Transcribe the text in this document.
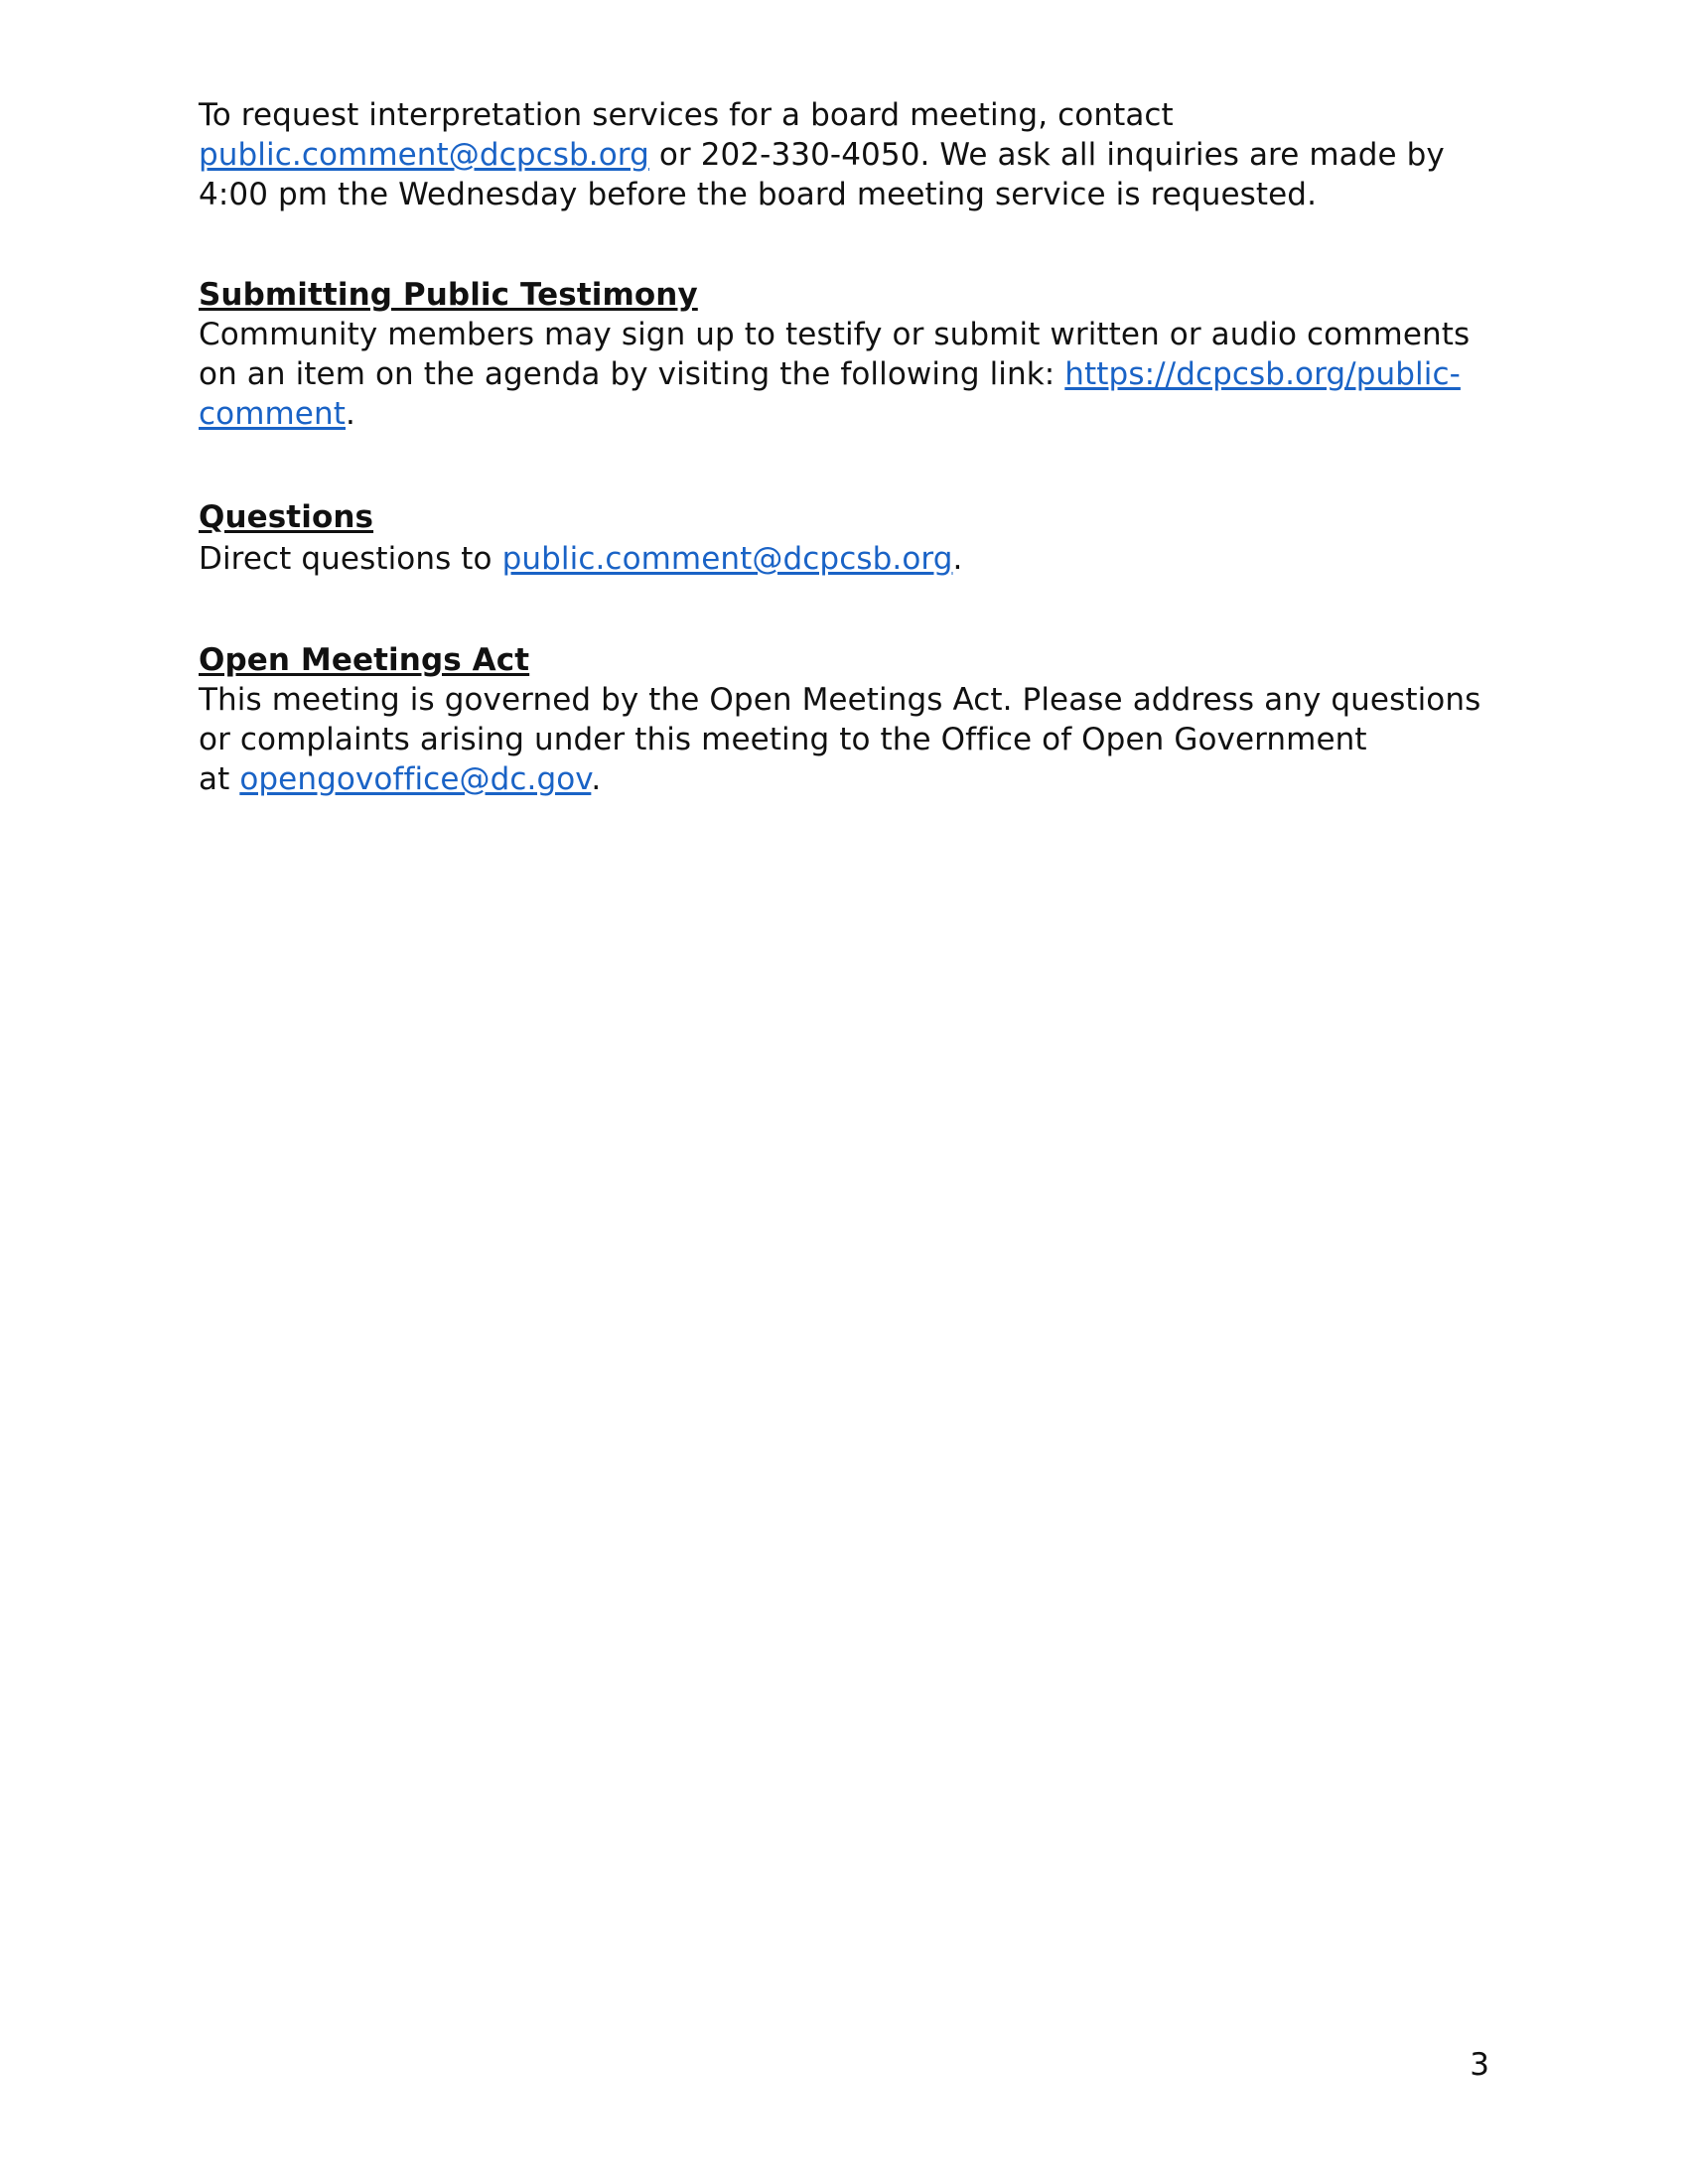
To request interpretation services for a board meeting, contact
public.comment@dcpcsb.org or 202-330-4050. We ask all inquiries are made by 4:00 pm the Wednesday before the board meeting service is requested.

Submitting Public Testimony

Community members may sign up to testify or submit written or audio comments on an item on the agenda by visiting the following link: https://dcpcsb.org/public-comment.

Questions

Direct questions to public.comment@dcpcsb.org.

Open Meetings Act

This meeting is governed by the Open Meetings Act. Please address any questions or complaints arising under this meeting to the Office of Open Government
at opengovoffice@dc.gov.

3
